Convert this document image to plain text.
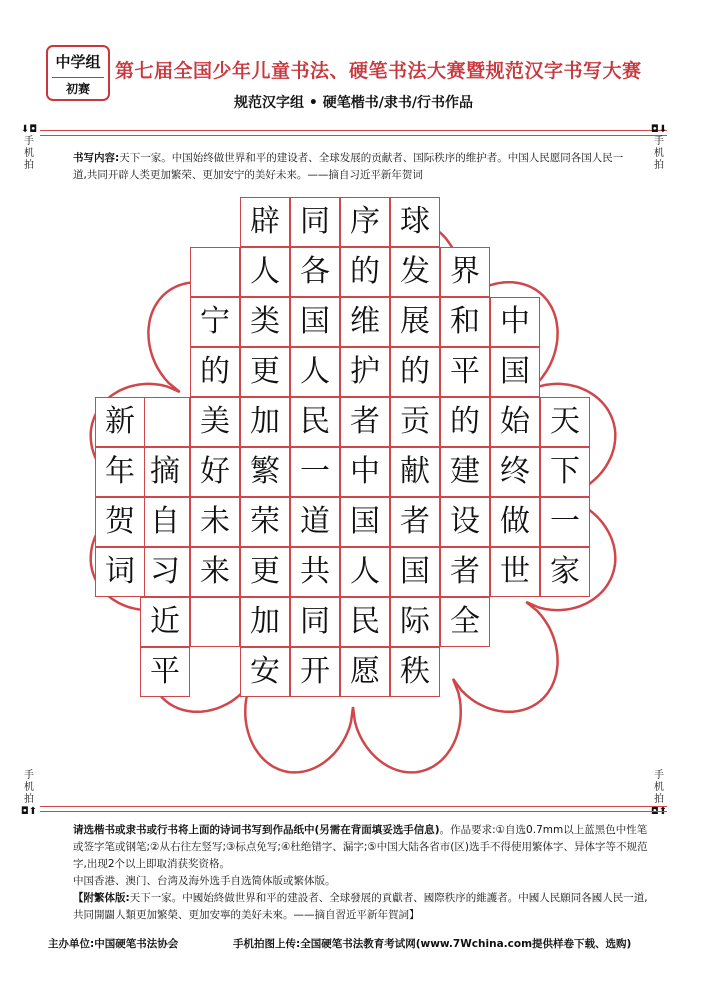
中学组
初赛
第七届全国少年儿童书法、硬笔书法大赛暨规范汉字书写大赛
规范汉字组 • 硬笔楷书/隶书/行书作品
⬇◘
手机拍
◘⬇
手机拍
书写内容:天下一家。中国始终做世界和平的建设者、全球发展的贡献者、国际秩序的维护者。中国人民愿同各国人民一道,共同开辟人类更加繁荣、更加安宁的美好未来。——摘自习近平新年贺词
天
下
一
家
中
国
始
终
做
世
界
和
平
的
建
设
者
全
球
发
展
的
贡
献
者
国
际
秩
序
的
维
护
者
中
国
人
民
愿
同
各
国
人
民
一
道
共
同
开
辟
人
类
更
加
繁
荣
更
加
安
宁
的
美
好
未
来
摘
自
习
近
平
新
年
贺
词
手机拍
◘⬆
手机拍
◘⬆
请选楷书或隶书或行书将上面的诗词书写到作品纸中(另需在背面填妥选手信息)。作品要求:①自选0.7mm以上蓝黑色中性笔或签字笔或钢笔;②从右往左竖写;③标点免写;④杜绝错字、漏字;⑤中国大陆各省市(区)选手不得使用繁体字、异体字等不规范字,出现2个以上即取消获奖资格。
中国香港、澳门、台湾及海外选手自选简体版或繁体版。
【附繁体版:天下一家。中國始終做世界和平的建設者、全球發展的貢獻者、國際秩序的維護者。中國人民願同各國人民一道,共同開闢人類更加繁榮、更加安寧的美好未來。——摘自習近平新年賀詞】
主办单位:中国硬笔书法协会	手机拍图上传:全国硬笔书法教育考试网(www.7Wchina.com提供样卷下载、选购)
